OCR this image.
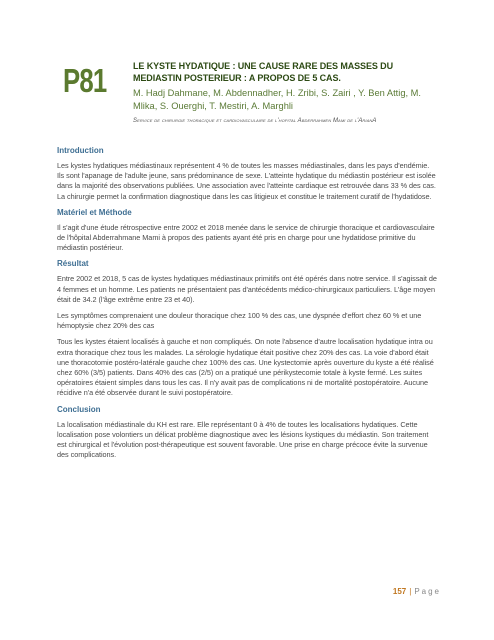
P81	LE KYSTE HYDATIQUE : UNE CAUSE RARE DES MASSES DU MEDIASTIN POSTERIEUR : A PROPOS DE 5 CAS.
M. Hadj Dahmane, M. Abdennadher, H. Zribi, S. Zairi , Y. Ben Attig, M. Mlika, S. Ouerghi, T. Mestiri, A. Marghli
Service de chirurgie thoracique et cardiovasculaire de l'hopital Abderrahmen Mami de l'ArianA
Introduction

Les kystes hydatiques médiastinaux représentent 4 % de toutes les masses médiastinales, dans les pays d'endémie. Ils sont l'apanage de l'adulte jeune, sans prédominance de sexe. L'atteinte hydatique du médiastin postérieur est isolée dans la majorité des observations publiées. Une association avec l'atteinte cardiaque est retrouvée dans 33 % des cas. La chirurgie permet la confirmation diagnostique dans les cas litigieux et constitue le traitement curatif de l'hydatidose.

Matériel et Méthode

Il s'agit d'une étude rétrospective entre 2002 et 2018 menée dans le service de chirurgie thoracique et cardiovasculaire de l'hôpital Abderrahmane Mami à propos des patients ayant été pris en charge pour une hydatidose primitive du médiastin postérieur.

Résultat

Entre 2002 et 2018, 5 cas de kystes hydatiques médiastinaux primitifs ont été opérés dans notre service. Il s'agissait de 4 femmes et un homme. Les patients ne présentaient pas d'antécédents médico-chirurgicaux particuliers. L'âge moyen était de 34.2 (l'âge extrême entre 23 et 40).

Les symptômes comprenaient une douleur thoracique chez 100 % des cas, une dyspnée d'effort chez 60 % et une hémoptysie chez 20% des cas

Tous les kystes étaient localisés à gauche et non compliqués. On note l'absence d'autre localisation hydatique intra ou extra thoracique chez tous les malades. La sérologie hydatique était positive chez 20% des cas. La voie d'abord était une thoracotomie postéro-latérale gauche chez 100% des cas. Une kystectomie après ouverture du kyste a été réalisé chez 60% (3/5) patients. Dans 40% des cas (2/5) on a pratiqué une périkystecomie totale à kyste fermé. Les suites opératoires étaient simples dans tous les cas. Il n'y avait pas de complications ni de mortalité postopératoire. Aucune récidive n'a été observée durant le suivi postopératoire.

Conclusion

La localisation médiastinale du KH est rare. Elle représentant 0 à 4% de toutes les localisations hydatiques. Cette localisation pose volontiers un délicat problème diagnostique avec les lésions kystiques du médiastin. Son traitement est chirurgical et l'évolution post-thérapeutique est souvent favorable. Une prise en charge précoce évite la survenue des complications.

157 | Page
